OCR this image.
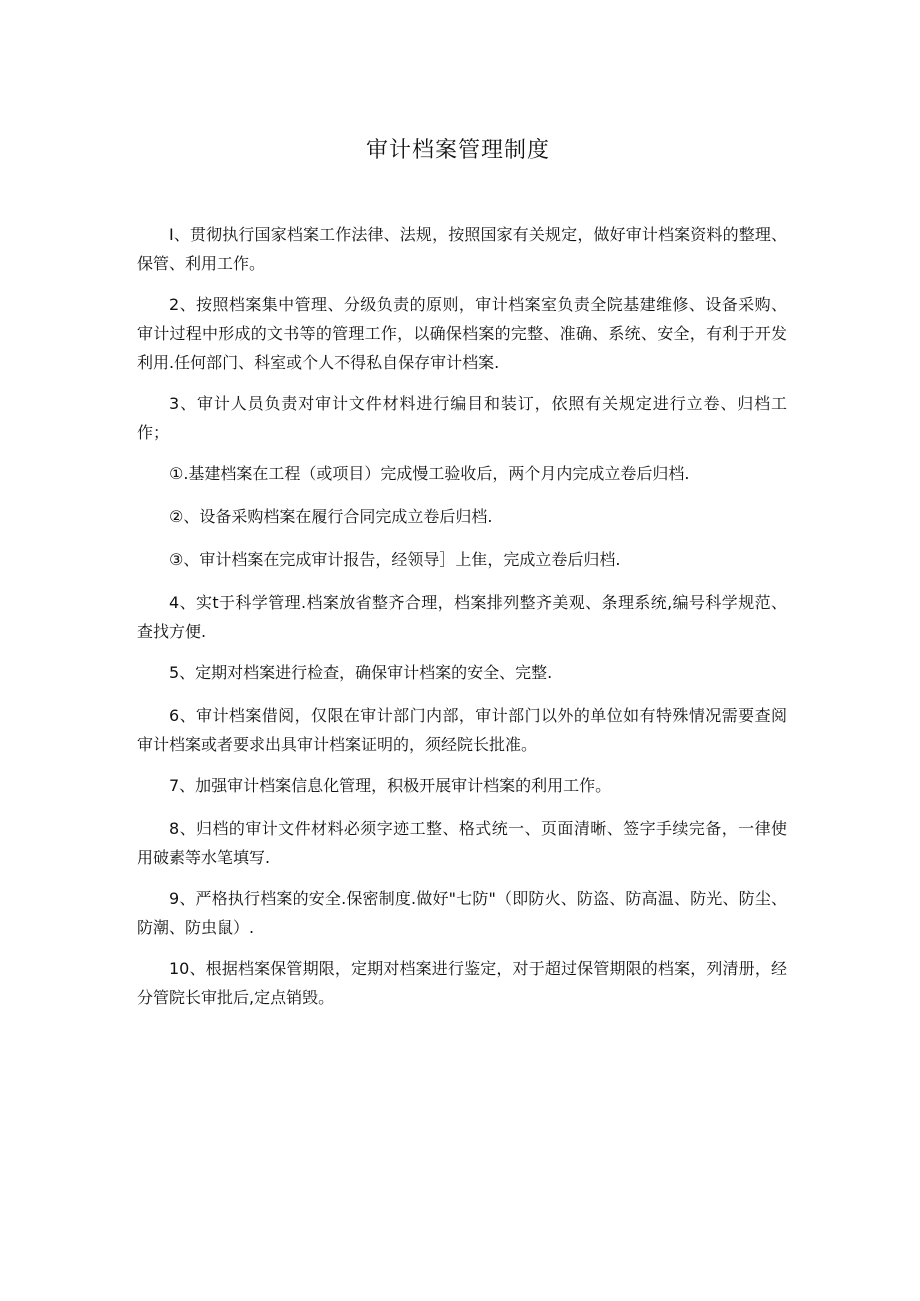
审计档案管理制度

I、贯彻执行国家档案工作法律、法规，按照国家有关规定，做好审计档案资料的整理、保管、利用工作。

2、按照档案集中管理、分级负责的原则，审计档案室负责全院基建维修、设备采购、审计过程中形成的文书等的管理工作，以确保档案的完整、准确、系统、安全，有利于开发利用.任何部门、科室或个人不得私自保存审计档案.

3、审计人员负责对审计文件材料进行编目和装订，依照有关规定进行立卷、归档工作；

①.基建档案在工程（或项目）完成慢工验收后，两个月内完成立卷后归档.

②、设备采购档案在履行合同完成立卷后归档.

③、审计档案在完成审计报告，经领导］上隹，完成立卷后归档.

4、实t于科学管理.档案放省整齐合理，档案排列整齐美观、条理系统,编号科学规范、查找方便.

5、定期对档案进行检查，确保审计档案的安全、完整.

6、审计档案借阅，仅限在审计部门内部，审计部门以外的单位如有特殊情况需要查阅审计档案或者要求出具审计档案证明的，须经院长批准。

7、加强审计档案信息化管理，积极开展审计档案的利用工作。

8、归档的审计文件材料必须字迹工整、格式统一、页面清晰、签字手续完备，一律使用破素等水笔填写.

9、严格执行档案的安全.保密制度.做好"七防"（即防火、防盗、防高温、防光、防尘、防潮、防虫鼠）.

10、根据档案保管期限，定期对档案进行鉴定，对于超过保管期限的档案，列清册，经分管院长审批后,定点销毁。
